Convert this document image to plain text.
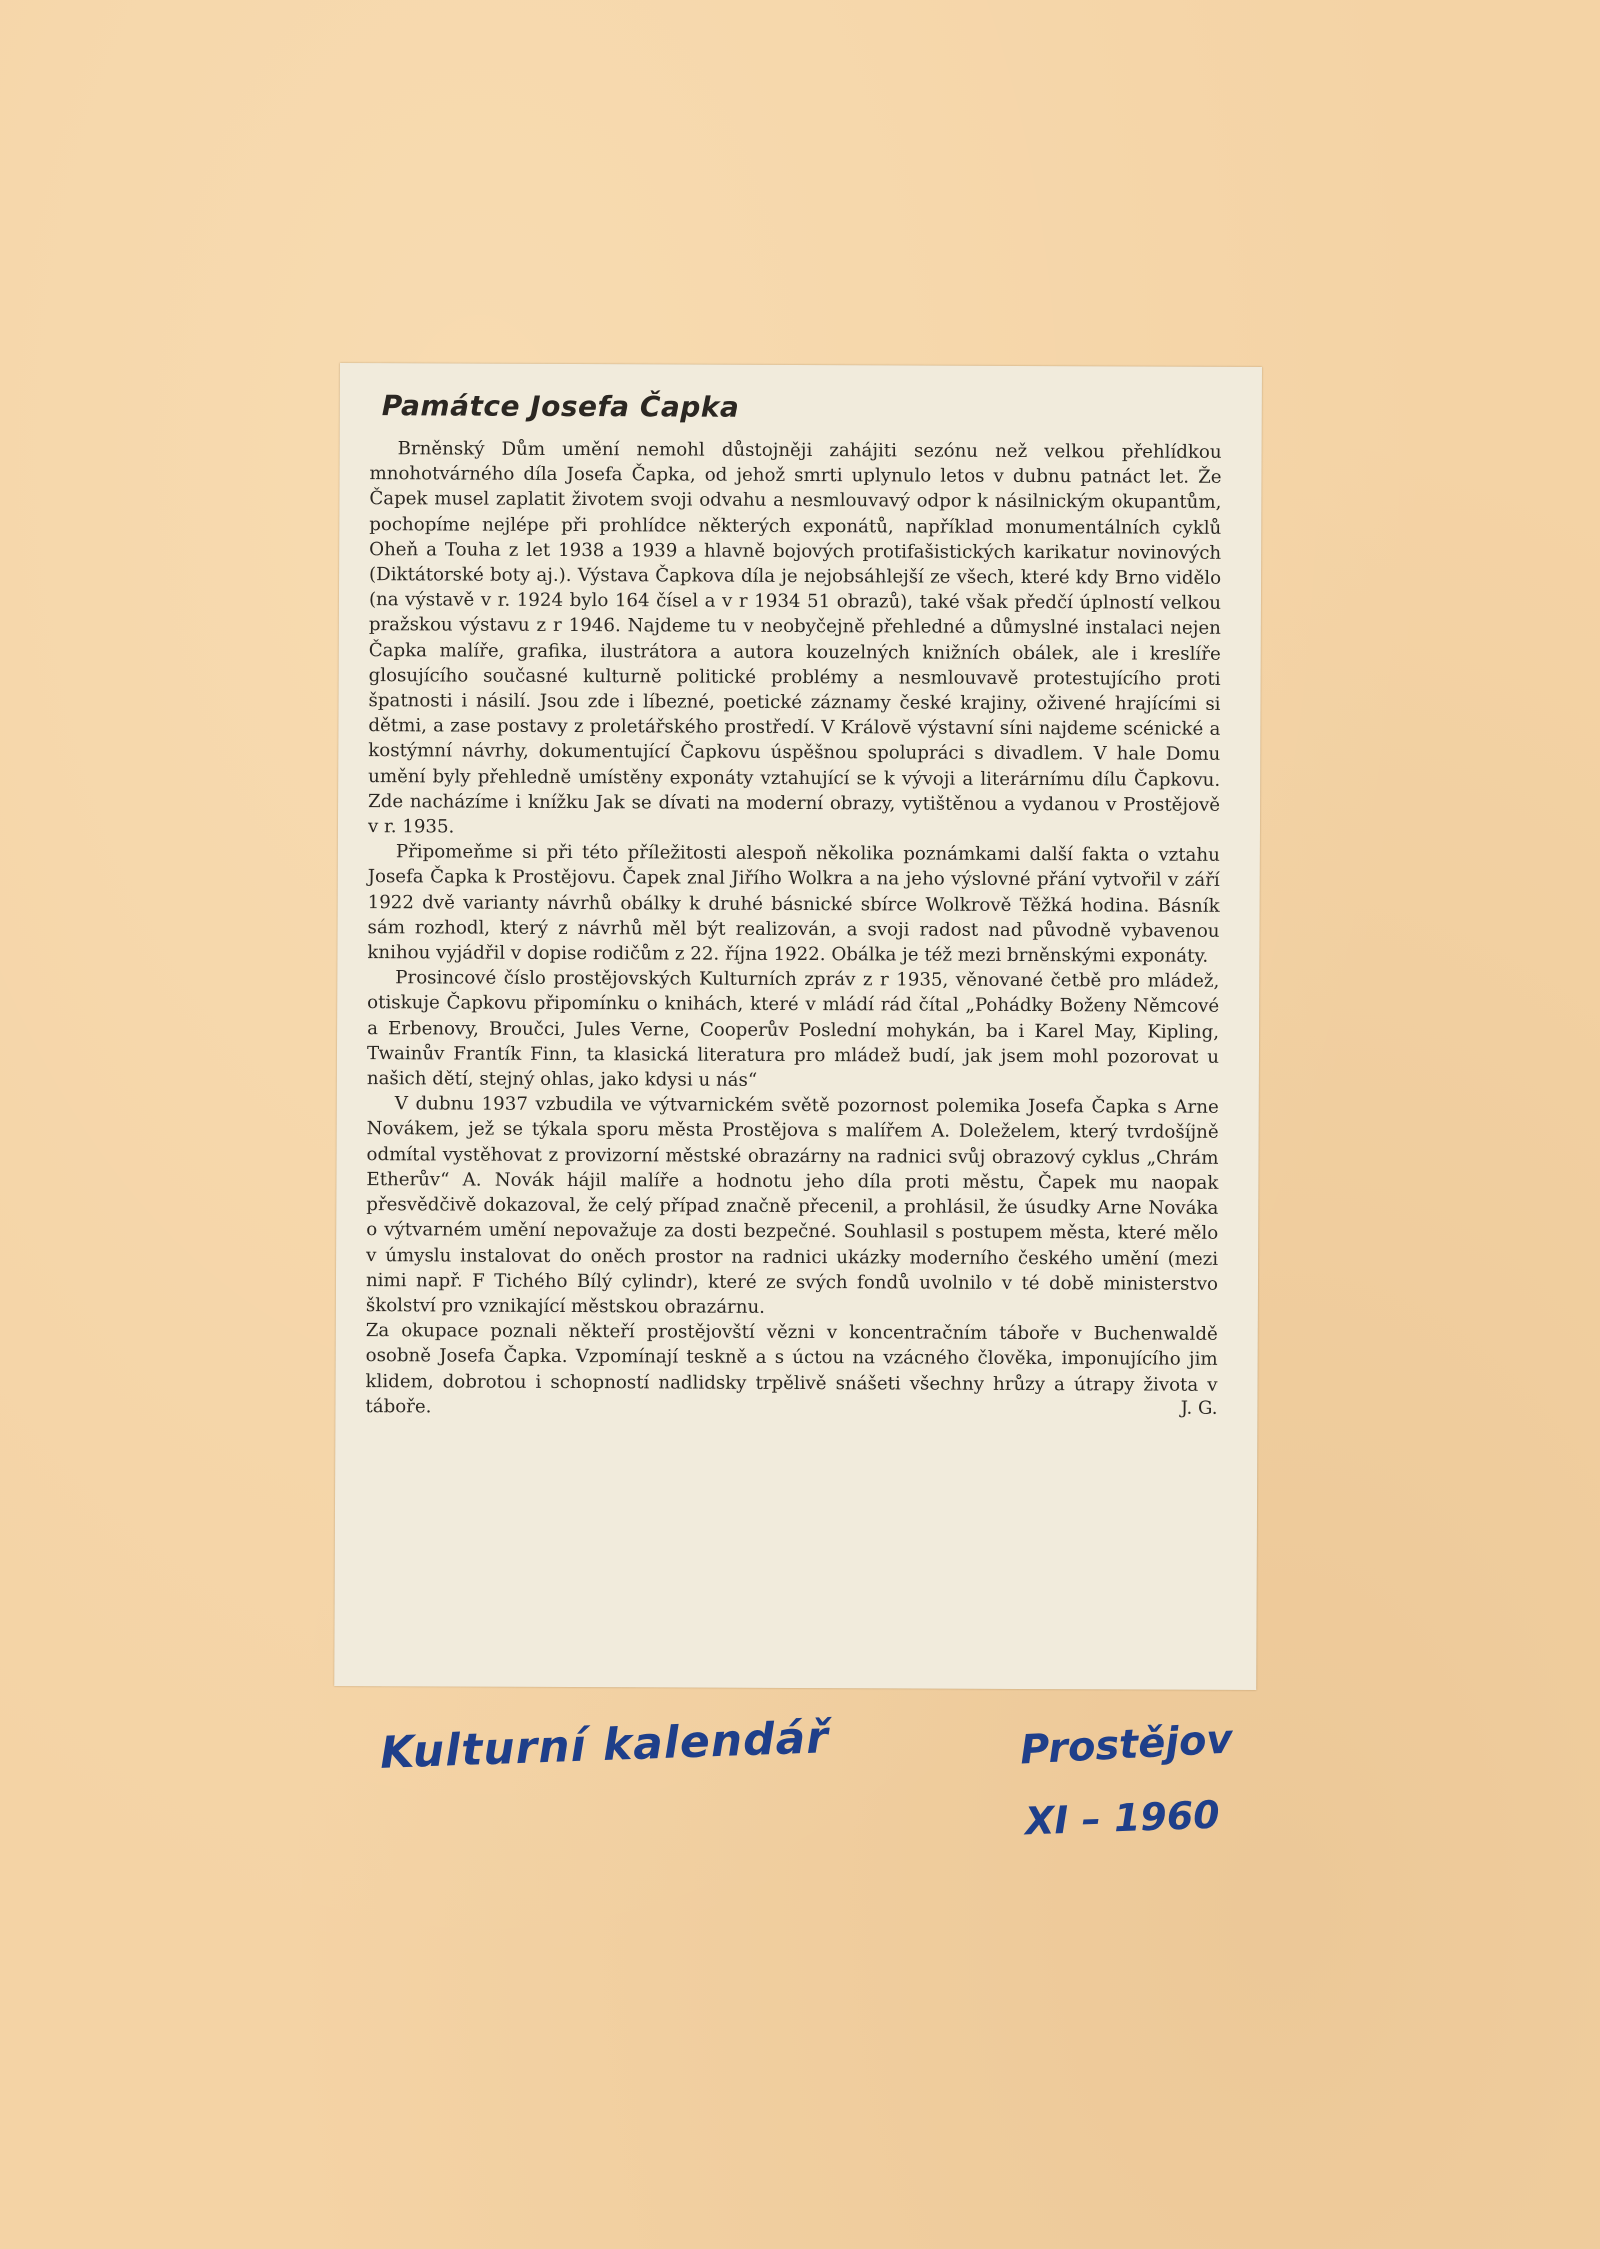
Památce Josefa Čapka

Brněnský Dům umění nemohl důstojněji zahájiti sezónu než velkou přehlídkou mnohotvárného díla Josefa Čapka, od jehož smrti uplynulo letos v dubnu patnáct let. Že Čapek musel zaplatit životem svoji odvahu a nesmlouvavý odpor k násilnickým okupantům, pochopíme nejlépe při prohlídce některých exponátů, například monumentálních cyklů Oheň a Touha z let 1938 a 1939 a hlavně bojových protifašistických karikatur novinových (Diktátorské boty aj.). Výstava Čapkova díla je nejobsáhlejší ze všech, které kdy Brno vidělo (na výstavě v r. 1924 bylo 164 čísel a v r 1934 51 obrazů), také však předčí úplností velkou pražskou výstavu z r 1946. Najdeme tu v neobyčejně přehledné a důmyslné instalaci nejen Čapka malíře, grafika, ilustrátora a autora kouzelných knižních obálek, ale i kreslíře glosujícího současné kulturně politické problémy a nesmlouvavě protestujícího proti špatnosti i násilí. Jsou zde i líbezné, poetické záznamy české krajiny, oživené hrajícími si dětmi, a zase postavy z proletářského prostředí. V Královĕ výstavní síni najdeme scénické a kostýmní návrhy, dokumentující Čapkovu úspěšnou spolupráci s divadlem. V hale Domu umění byly přehledně umístěny exponáty vztahující se k vývoji a literárnímu dílu Čapkovu. Zde nacházíme i knížku Jak se dívati na moderní obrazy, vytištěnou a vydanou v Prostějově v r. 1935.

Připomeňme si při této příležitosti alespoň několika poznámkami další fakta o vztahu Josefa Čapka k Prostějovu. Čapek znal Jiřího Wolkra a na jeho výslovné přání vytvořil v září 1922 dvě varianty návrhů obálky k druhé básnické sbírce Wolkrově Těžká hodina. Básník sám rozhodl, který z návrhů měl být realizován, a svoji radost nad původně vybavenou knihou vyjádřil v dopise rodičům z 22. října 1922. Obálka je též mezi brněnskými exponáty.

Prosincové číslo prostějovských Kulturních zpráv z r 1935, věnované četbě pro mládež, otiskuje Čapkovu připomínku o knihách, které v mládí rád čítal „Pohádky Boženy Němcové a Erbenovy, Broučci, Jules Verne, Cooperův Poslední mohykán, ba i Karel May, Kipling, Twainův Frantík Finn, ta klasická literatura pro mládež budí, jak jsem mohl pozorovat u našich dětí, stejný ohlas, jako kdysi u nás“

V dubnu 1937 vzbudila ve výtvarnickém světě pozornost polemika Josefa Čapka s Arne Novákem, jež se týkala sporu města Prostějova s malířem A. Doleželem, který tvrdošíjně odmítal vystěhovat z provizorní městské obrazárny na radnici svůj obrazový cyklus „Chrám Etherův“ A. Novák hájil malíře a hodnotu jeho díla proti městu, Čapek mu naopak přesvědčivě dokazoval, že celý případ značně přecenil, a prohlásil, že úsudky Arne Nováka o výtvarném umění nepovažuje za dosti bezpečné. Souhlasil s postupem města, které mělo v úmyslu instalovat do oněch prostor na radnici ukázky moderního českého umění (mezi nimi např. F Tichého Bílý cylindr), které ze svých fondů uvolnilo v té době ministerstvo školství pro vznikající městskou obrazárnu.

Za okupace poznali někteří prostějovští vězni v koncentračním táboře v Buchenwaldě osobně Josefa Čapka. Vzpomínají teskně a s úctou na vzácného člověka, imponujícího jim klidem, dobrotou i schopností nadlidsky trpělivě snášeti všechny hrůzy a útrapy života v táboře.	J. G.
Kulturní kalendář	Prostějov
XI – 1960
